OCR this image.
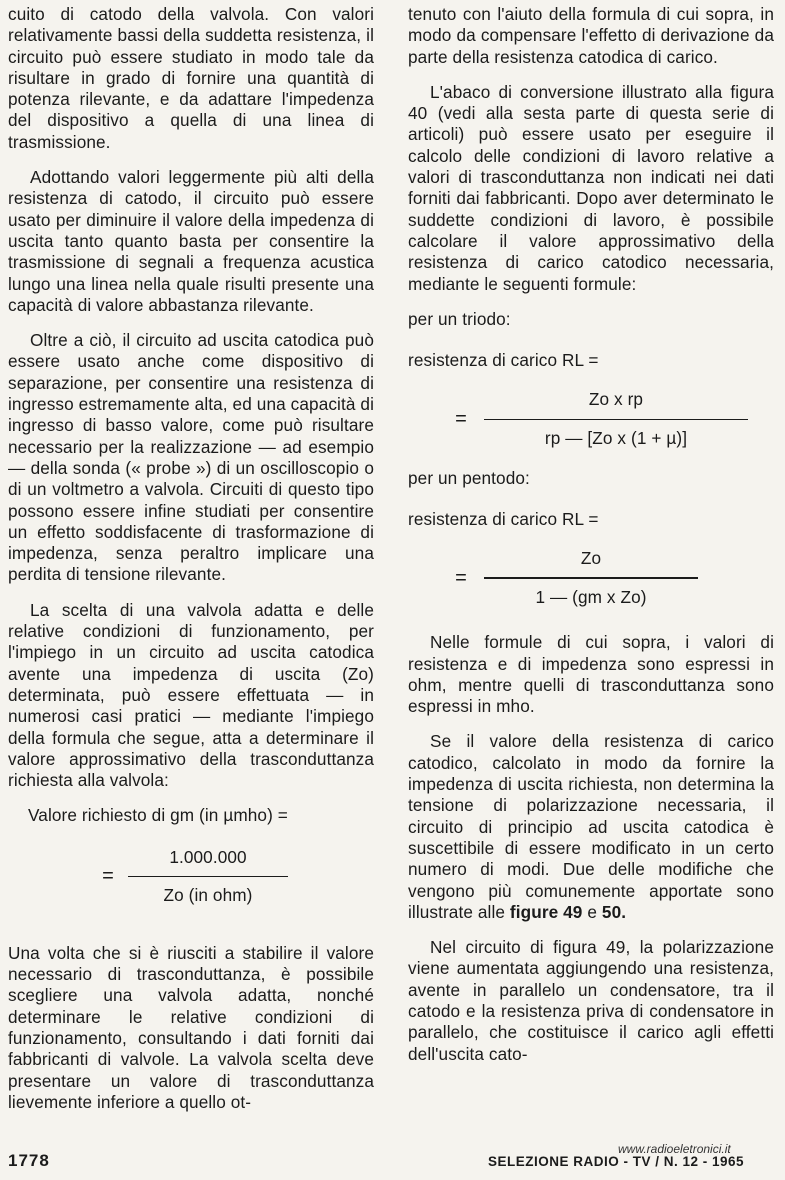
cuito di catodo della valvola. Con valori relativamente bassi della suddetta resistenza, il circuito può essere studiato in modo tale da risultare in grado di fornire una quantità di potenza rilevante, e da adattare l'impedenza del dispositivo a quella di una linea di trasmissione.

Adottando valori leggermente più alti della resistenza di catodo, il circuito può essere usato per diminuire il valore della impedenza di uscita tanto quanto basta per consentire la trasmissione di segnali a frequenza acustica lungo una linea nella quale risulti presente una capacità di valore abbastanza rilevante.

Oltre a ciò, il circuito ad uscita catodica può essere usato anche come dispositivo di separazione, per consentire una resistenza di ingresso estremamente alta, ed una capacità di ingresso di basso valore, come può risultare necessario per la realizzazione — ad esempio — della sonda (« probe ») di un oscilloscopio o di un voltmetro a valvola. Circuiti di questo tipo possono essere infine studiati per consentire un effetto soddisfacente di trasformazione di impedenza, senza peraltro implicare una perdita di tensione rilevante.

La scelta di una valvola adatta e delle relative condizioni di funzionamento, per l'impiego in un circuito ad uscita catodica avente una impedenza di uscita (Zo) determinata, può essere effettuata — in numerosi casi pratici — mediante l'impiego della formula che segue, atta a determinare il valore approssimativo della trasconduttanza richiesta alla valvola:

Valore richiesto di gm (in µmho) =

= $\frac{1.000.000}{\text{Zo (in ohm)}}$

Una volta che si è riusciti a stabilire il valore necessario di trasconduttanza, è possibile scegliere una valvola adatta, nonché determinare le relative condizioni di funzionamento, consultando i dati forniti dai fabbricanti di valvole. La valvola scelta deve presentare un valore di trasconduttanza lievemente inferiore a quello ot-

tenuto con l'aiuto della formula di cui sopra, in modo da compensare l'effetto di derivazione da parte della resistenza catodica di carico.

L'abaco di conversione illustrato alla figura 40 (vedi alla sesta parte di questa serie di articoli) può essere usato per eseguire il calcolo delle condizioni di lavoro relative a valori di trasconduttanza non indicati nei dati forniti dai fabbricanti. Dopo aver determinato le suddette condizioni di lavoro, è possibile calcolare il valore approssimativo della resistenza di carico catodico necessaria, mediante le seguenti formule:

per un triodo:

resistenza di carico RL =

= $\frac{\text{Zo x rp}}{\text{rp — [Zo x (1 + µ)]}}$

per un pentodo:

resistenza di carico RL =

= $\frac{Zo}{\text{1 — (gm x Zo)}}$

Nelle formule di cui sopra, i valori di resistenza e di impedenza sono espressi in ohm, mentre quelli di trasconduttanza sono espressi in mho.

Se il valore della resistenza di carico catodico, calcolato in modo da fornire la impedenza di uscita richiesta, non determina la tensione di polarizzazione necessaria, il circuito di principio ad uscita catodica è suscettibile di essere modificato in un certo numero di modi. Due delle modifiche che vengono più comunemente apportate sono illustrate alle figure 49 e 50.

Nel circuito di figura 49, la polarizzazione viene aumentata aggiungendo una resistenza, avente in parallelo un condensatore, tra il catodo e la resistenza priva di condensatore in parallelo, che costituisce il carico agli effetti dell'uscita cato-

1778
www.radioeletronici.it
SELEZIONE RADIO - TV / N. 12 - 1965
